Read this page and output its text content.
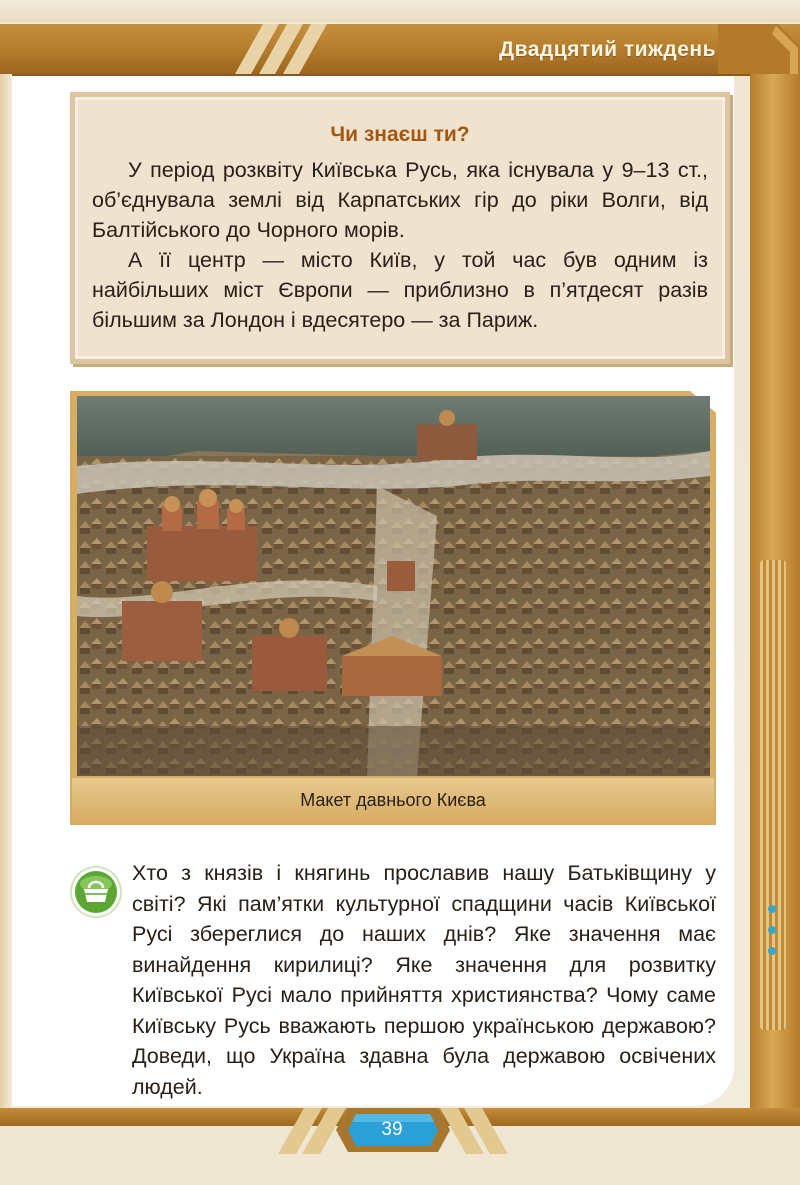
Двадцятий тиждень
Чи знаєш ти?
У період розквіту Київська Русь, яка існувала у 9–13 ст., об’єднувала землі від Карпатських гір до ріки Волги, від Балтійського до Чорного морів.
А її центр — місто Київ, у той час був одним із найбільших міст Європи — приблизно в п’ятдесят разів більшим за Лондон і вдесятеро — за Париж.
Макет давнього Києва

Хто з князів і княгинь прославив нашу Батьківщину у світі? Які пам’ятки культурної спадщини часів Київської Русі збереглися до наших днів? Яке значення має винайдення кирилиці? Яке значення для розвитку Київської Русі мало прийняття християнства? Чому саме Київську Русь вважають першою українською державою? Доведи, що Україна здавна була державою освічених людей.

39
